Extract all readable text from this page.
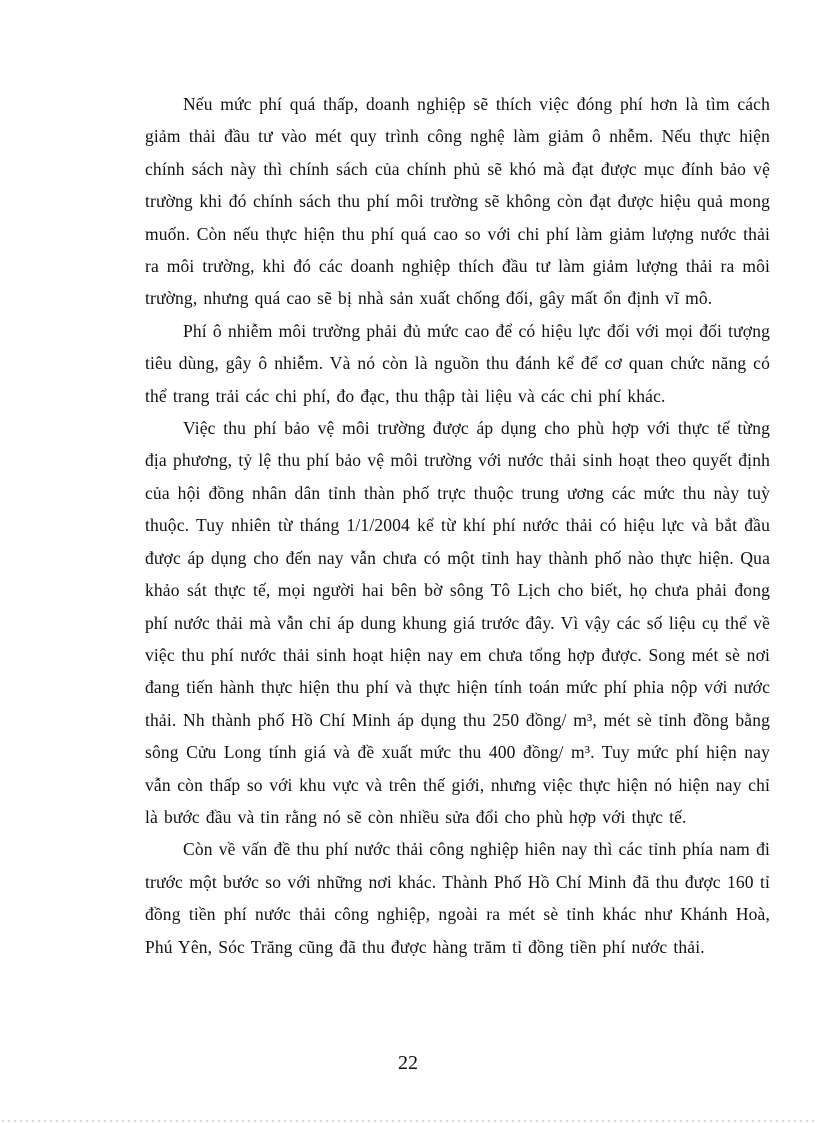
Nếu mức phí quá thấp, doanh nghiệp sẽ thích việc đóng phí hơn là tìm cách giảm thải đầu tư vào mét quy trình công nghệ làm giảm ô nhễm. Nếu thực hiện chính sách này thì chính sách của chính phủ sẽ khó mà đạt được mục đính bảo vệ trường khi đó chính sách thu phí môi trường sẽ không còn đạt được hiệu quả mong muốn. Còn nếu thực hiện thu phí quá cao so với chi phí làm giảm lượng nước thải ra môi trường, khi đó các doanh nghiệp thích đầu tư làm giảm lượng thải ra môi trường, nhưng quá cao sẽ bị nhà sản xuất chống đối, gây mất ổn định vĩ mô.

Phí ô nhiễm môi trường phải đủ mức cao để có hiệu lực đối với mọi đối tượng tiêu dùng, gây ô nhiễm. Và nó còn là nguồn thu đánh kể để cơ quan chức năng có thể trang trải các chi phí, đo đạc, thu thập tài liệu và các chi phí khác.

Việc thu phí bảo vệ môi trường được áp dụng cho phù hợp với thực tế từng địa phương, tỷ lệ thu phí bảo vệ môi trường với nước thải sinh hoạt theo quyết định của hội đồng nhân dân tỉnh thàn phố trực thuộc trung ương các mức thu này tuỳ thuộc. Tuy nhiên từ tháng 1/1/2004 kể từ khí phí nước thải có hiệu lực và bắt đầu được áp dụng cho đến nay vẫn chưa có một tỉnh hay thành phố nào thực hiện. Qua khảo sát thực tế, mọi người hai bên bờ sông Tô Lịch cho biết, họ chưa phải đong phí nước thải mà vẫn chỉ áp dung khung giá trước đây. Vì vậy các số liệu cụ thể về việc thu phí nước thải sinh hoạt hiện nay em chưa tổng hợp được. Song mét sè nơi đang tiến hành thực hiện thu phí và thực hiện tính toán mức phí phỉa nộp với nước thải. Nh thành phố Hồ Chí Minh áp dụng thu 250 đồng/ m³, mét sè tỉnh đồng bằng sông Cửu Long tính giá và đề xuất mức thu 400 đồng/ m³. Tuy mức phí hiện nay vẫn còn thấp so với khu vực và trên thế giới, nhưng việc thực hiện nó hiện nay chỉ là bước đầu và tin rằng nó sẽ còn nhiều sửa đổi cho phù hợp với thực tế.

Còn về vấn đề thu phí nước thải công nghiệp hiên nay thì các tỉnh phía nam đi trước một bước so với những nơi khác. Thành Phố Hồ Chí Minh đã thu được 160 tỉ đồng tiền phí nước thải công nghiệp, ngoài ra mét sè tỉnh khác như Khánh Hoà, Phú Yên, Sóc Trăng cũng đã thu được hàng trăm tỉ đồng tiền phí nước thải.

22
